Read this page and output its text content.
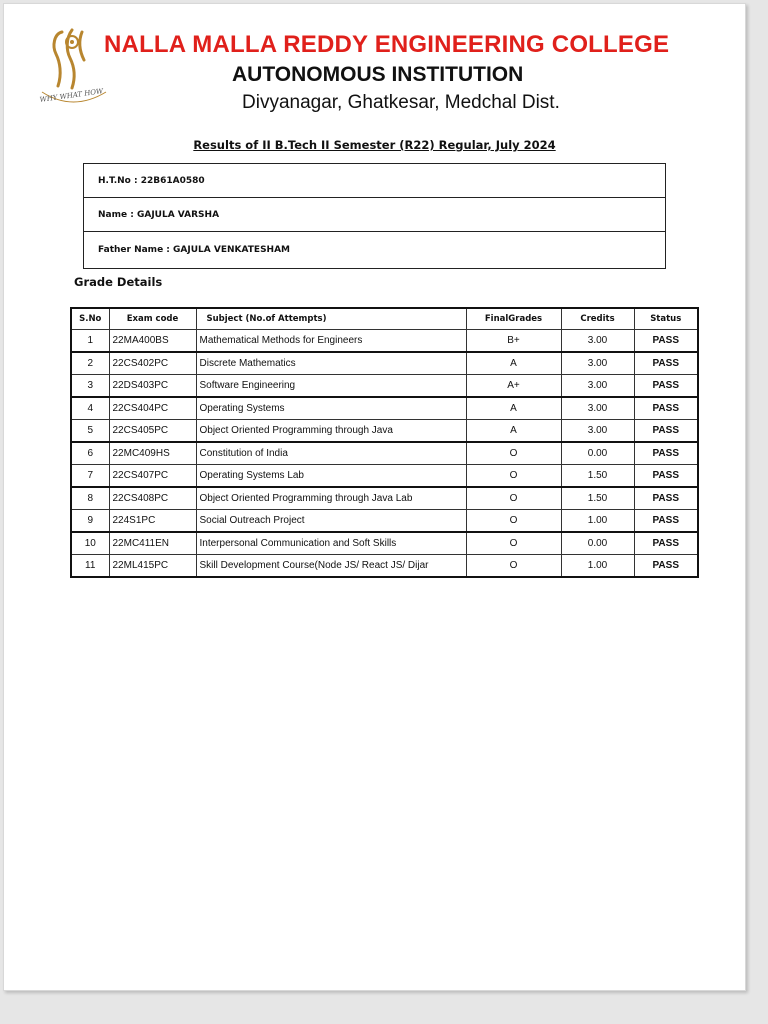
WHY WHAT HOW
NALLA MALLA REDDY ENGINEERING COLLEGE
AUTONOMOUS INSTITUTION
Divyanagar, Ghatkesar, Medchal Dist.
Results of II B.Tech II Semester (R22) Regular, July 2024
H.T.No :
22B61A0580
Name :
GAJULA VARSHA
Father Name :
GAJULA VENKATESHAM
Grade Details
S.No	Exam code	Subject (No.of Attempts)	FinalGrades	Credits	Status
1	22MA400BS	Mathematical Methods for Engineers	B+	3.00	PASS
2	22CS402PC	Discrete Mathematics	A	3.00	PASS
3	22DS403PC	Software Engineering	A+	3.00	PASS
4	22CS404PC	Operating Systems	A	3.00	PASS
5	22CS405PC	Object Oriented Programming through Java	A	3.00	PASS
6	22MC409HS	Constitution of India	O	0.00	PASS
7	22CS407PC	Operating Systems Lab	O	1.50	PASS
8	22CS408PC	Object Oriented Programming through Java Lab	O	1.50	PASS
9	224S1PC	Social Outreach Project	O	1.00	PASS
10	22MC411EN	Interpersonal Communication and Soft Skills	O	0.00	PASS
11	22ML415PC	Skill Development Course(Node JS/ React JS/ Dijar	O	1.00	PASS
